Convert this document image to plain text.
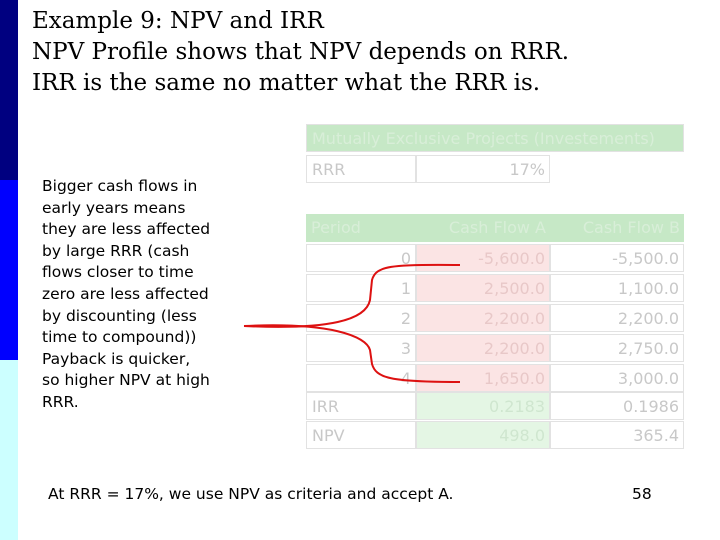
Example 9: NPV and IRR
NPV Profile shows that NPV depends on RRR.
IRR is the same no matter what the RRR is.
Bigger cash flows in
early years means
they are less affected
by large RRR (cash
flows closer to time
zero are less affected
by discounting (less
time to compound))
Payback is quicker,
so higher NPV at high
RRR.
Mutually Exclusive Projects (Investements)
RRR	17%
Period	Cash Flow A	Cash Flow B
0	-5,600.0	-5,500.0
1	2,500.0	1,100.0
2	2,200.0	2,200.0
3	2,200.0	2,750.0
4	1,650.0	3,000.0
IRR	0.2183	0.1986
NPV	498.0	365.4
At RRR = 17%, we use NPV as criteria and accept A.	58
